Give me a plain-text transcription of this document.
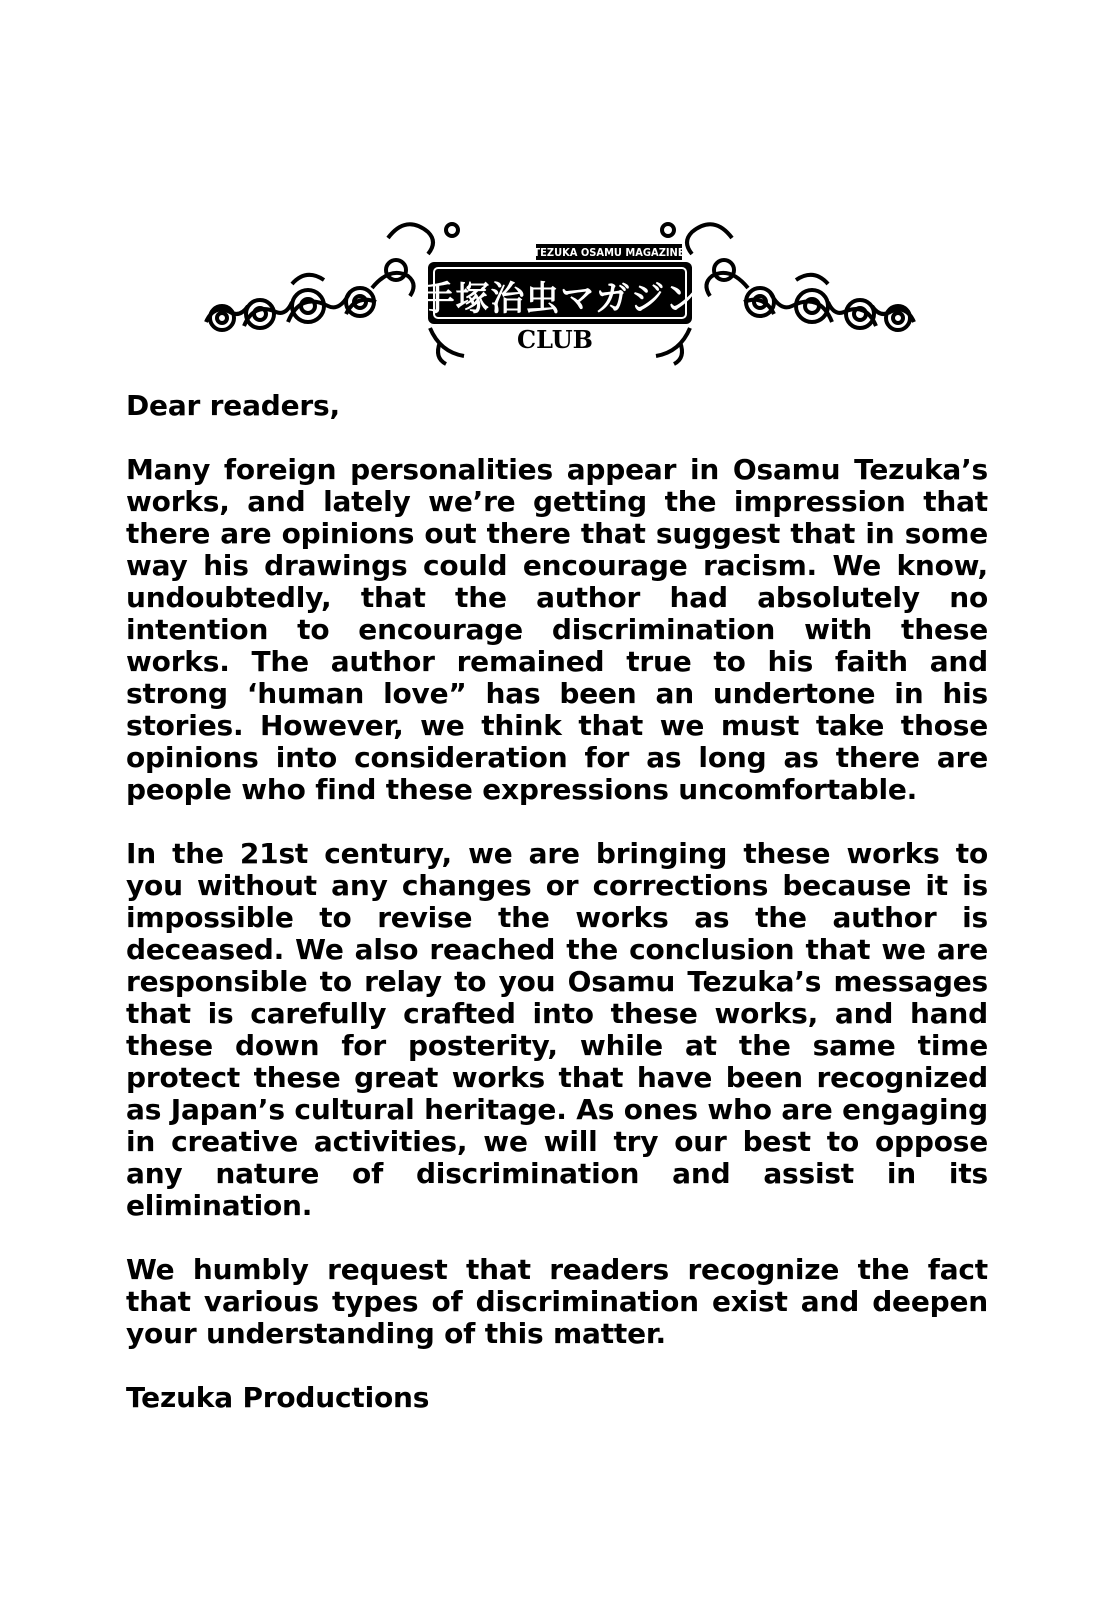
手塚治虫マガジン
TEZUKA OSAMU MAGAZINE
CLUB

Dear readers,

Many foreign personalities appear in Osamu Tezuka’s works, and lately we’re getting the impression that there are opinions out there that suggest that in some way his drawings could encourage racism. We know, undoubtedly, that the author had absolutely no intention to encourage discrimination with these works. The author remained true to his faith and strong ‘human love” has been an undertone in his stories. However, we think that we must take those opinions into consideration for as long as there are people who find these expressions uncomfortable.

In the 21st century, we are bringing these works to you without any changes or corrections because it is impossible to revise the works as the author is deceased. We also reached the conclusion that we are responsible to relay to you Osamu Tezuka’s messages that is carefully crafted into these works, and hand these down for posterity, while at the same time protect these great works that have been recognized as Japan’s cultural heritage. As ones who are engaging in creative activities, we will try our best to oppose any nature of discrimination and assist in its elimination.

We humbly request that readers recognize the fact that various types of discrimination exist and deepen your understanding of this matter.

Tezuka Productions
